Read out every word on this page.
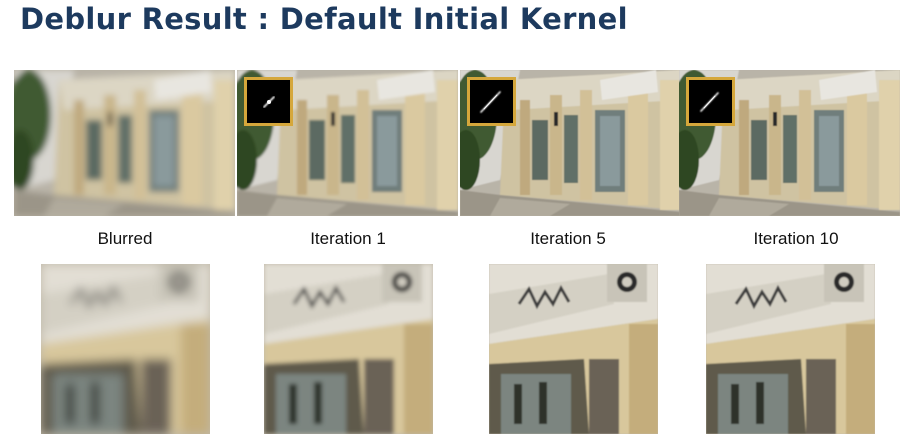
Deblur Result : Default Initial Kernel
Blurred	Iteration 1	Iteration 5	Iteration 10
